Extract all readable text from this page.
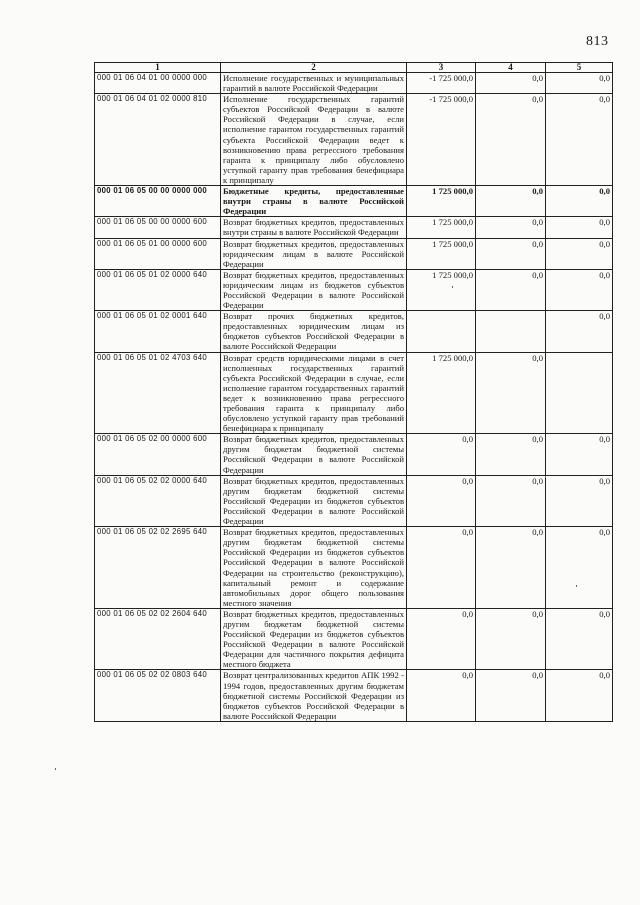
813
1	2	3	4	5
000 01 06 04 01 00 0000 000	Исполнение государственных и муниципальных гарантий в валюте Российской Федерации	-1 725 000,0	0,0	0,0
000 01 06 04 01 02 0000 810	Исполнение государственных гарантий субъектов Российской Федерации в валюте Российской Федерации в случае, если исполнение гарантом государственных гарантий субъекта Российской Федерации ведет к возникновению права регрессного требования гаранта к принципалу либо обусловлено уступкой гаранту прав требования бенефициара к принципалу	-1 725 000,0	0,0	0,0
000 01 06 05 00 00 0000 000	Бюджетные кредиты, предоставленные внутри страны в валюте Российской Федерации	1 725 000,0	0,0	0,0
000 01 06 05 00 00 0000 600	Возврат бюджетных кредитов, предоставленных внутри страны в валюте Российской Федерации	1 725 000,0	0,0	0,0
000 01 06 05 01 00 0000 600	Возврат бюджетных кредитов, предоставленных юридическим лицам в валюте Российской Федерации	1 725 000,0	0,0	0,0
000 01 06 05 01 02 0000 640	Возврат бюджетных кредитов, предоставленных юридическим лицам из бюджетов субъектов Российской Федерации в валюте Российской Федерации	1 725 000,0	0,0	0,0
000 01 06 05 01 02 0001 640	Возврат прочих бюджетных кредитов, предоставленных юридическим лицам из бюджетов субъектов Российской Федерации в валюте Российской Федерации			0,0
000 01 06 05 01 02 4703 640	Возврат средств юридическими лицами в счет исполненных государственных гарантий субъекта Российской Федерации в случае, если исполнение гарантом государственных гарантий ведет к возникновению права регрессного требования гаранта к принципалу либо обусловлено уступкой гаранту прав требований бенефициара к принципалу	1 725 000,0	0,0	
000 01 06 05 02 00 0000 600	Возврат бюджетных кредитов, предоставленных другим бюджетам бюджетной системы Российской Федерации в валюте Российской Федерации	0,0	0,0	0,0
000 01 06 05 02 02 0000 640	Возврат бюджетных кредитов, предоставленных другим бюджетам бюджетной системы Российской Федерации из бюджетов субъектов Российской Федерации в валюте Российской Федерации	0,0	0,0	0,0
000 01 06 05 02 02 2695 640	Возврат бюджетных кредитов, предоставленных другим бюджетам бюджетной системы Российской Федерации из бюджетов субъектов Российской Федерации в валюте Российской Федерации на строительство (реконструкцию), капитальный ремонт и содержание автомобильных дорог общего пользования местного значения	0,0	0,0	0,0
000 01 06 05 02 02 2604 640	Возврат бюджетных кредитов, предоставленных другим бюджетам бюджетной системы Российской Федерации из бюджетов субъектов Российской Федерации в валюте Российской Федерации для частичного покрытия дефицита местного бюджета	0,0	0,0	0,0
000 01 06 05 02 02 0803 640	Возврат централизованных кредитов АПК 1992 - 1994 годов, предоставленных другим бюджетам бюджетной системы Российской Федерации из бюджетов субъектов Российской Федерации в валюте Российской Федерации	0,0	0,0	0,0
